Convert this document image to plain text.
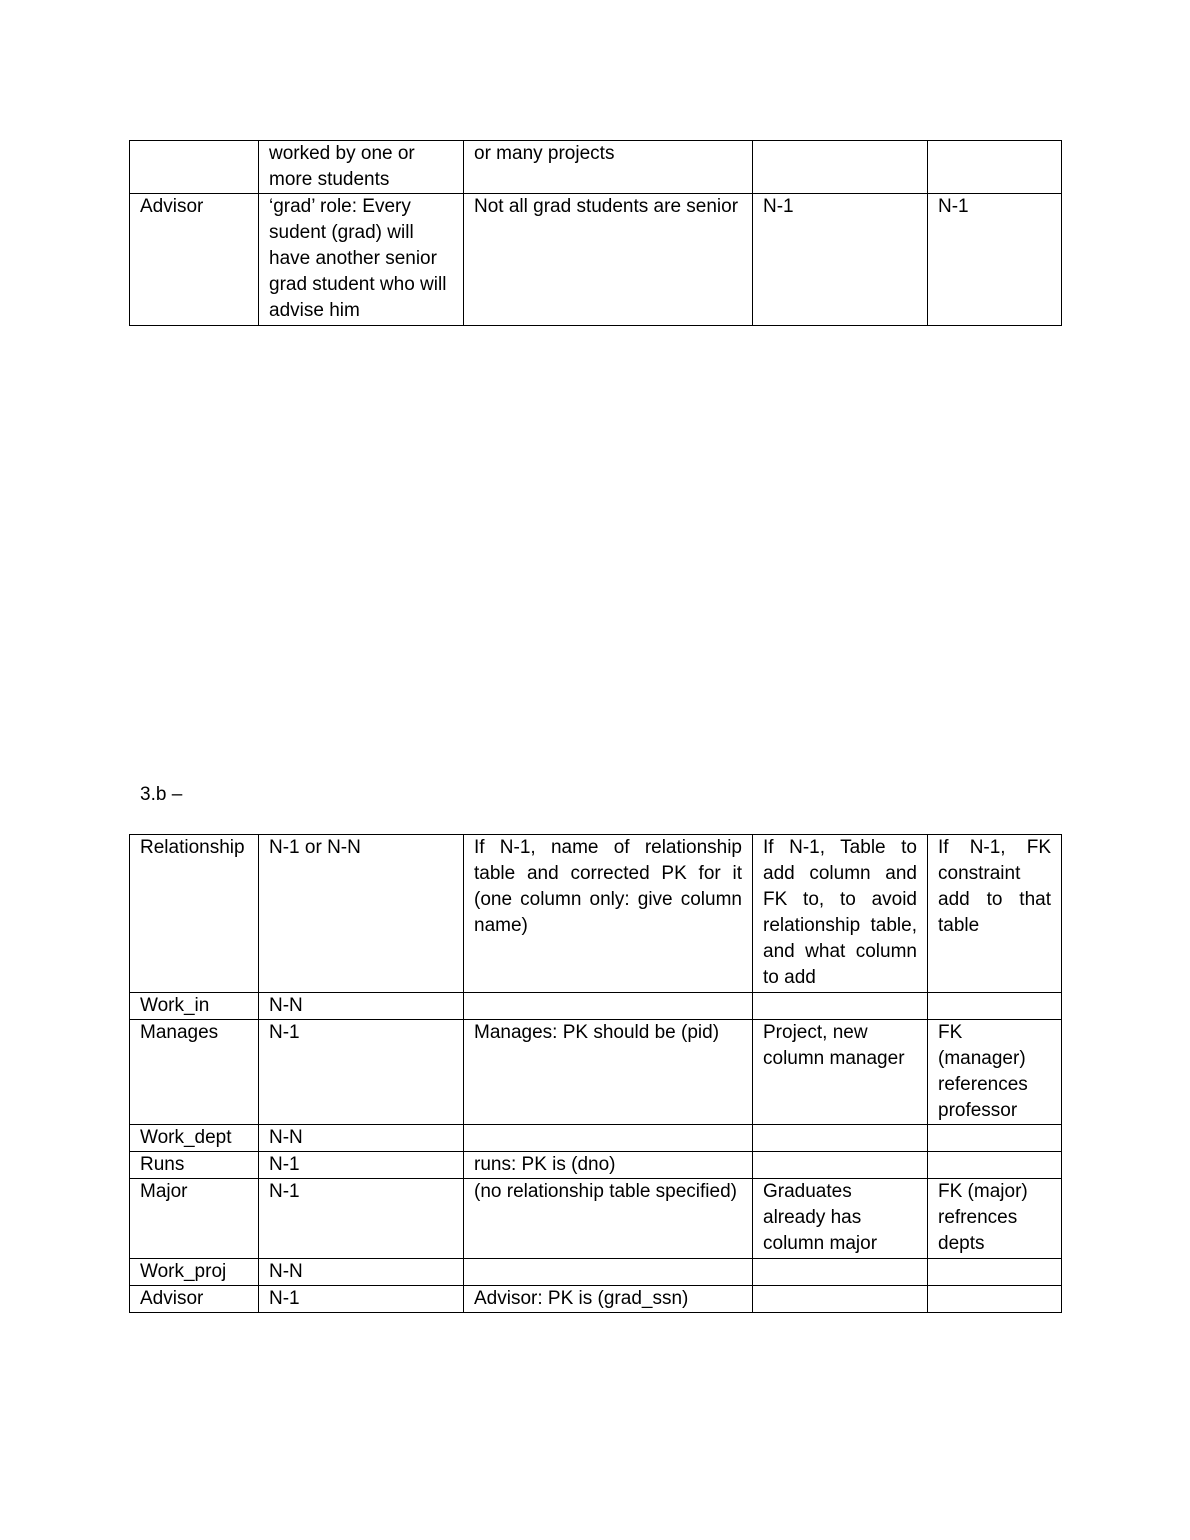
	worked by one or more students	or many projects		
Advisor	‘grad’ role: Every sudent (grad) will have another senior grad student who will advise him	Not all grad students are senior	N-1	N-1
3.b –
Relationship	N-1 or N-N	If N-1, name of relationship table and corrected PK for it (one column only: give column name)	If N-1, Table to add column and FK to, to avoid relationship table, and what column to add	If N-1, FK constraint add to that table
Work_in	N-N			
Manages	N-1	Manages: PK should be (pid)	Project, new column manager	FK (manager) references professor
Work_dept	N-N			
Runs	N-1	runs: PK is (dno)		
Major	N-1	(no relationship table specified)	Graduates already has column major	FK (major) refrences depts
Work_proj	N-N			
Advisor	N-1	Advisor: PK is (grad_ssn)		
